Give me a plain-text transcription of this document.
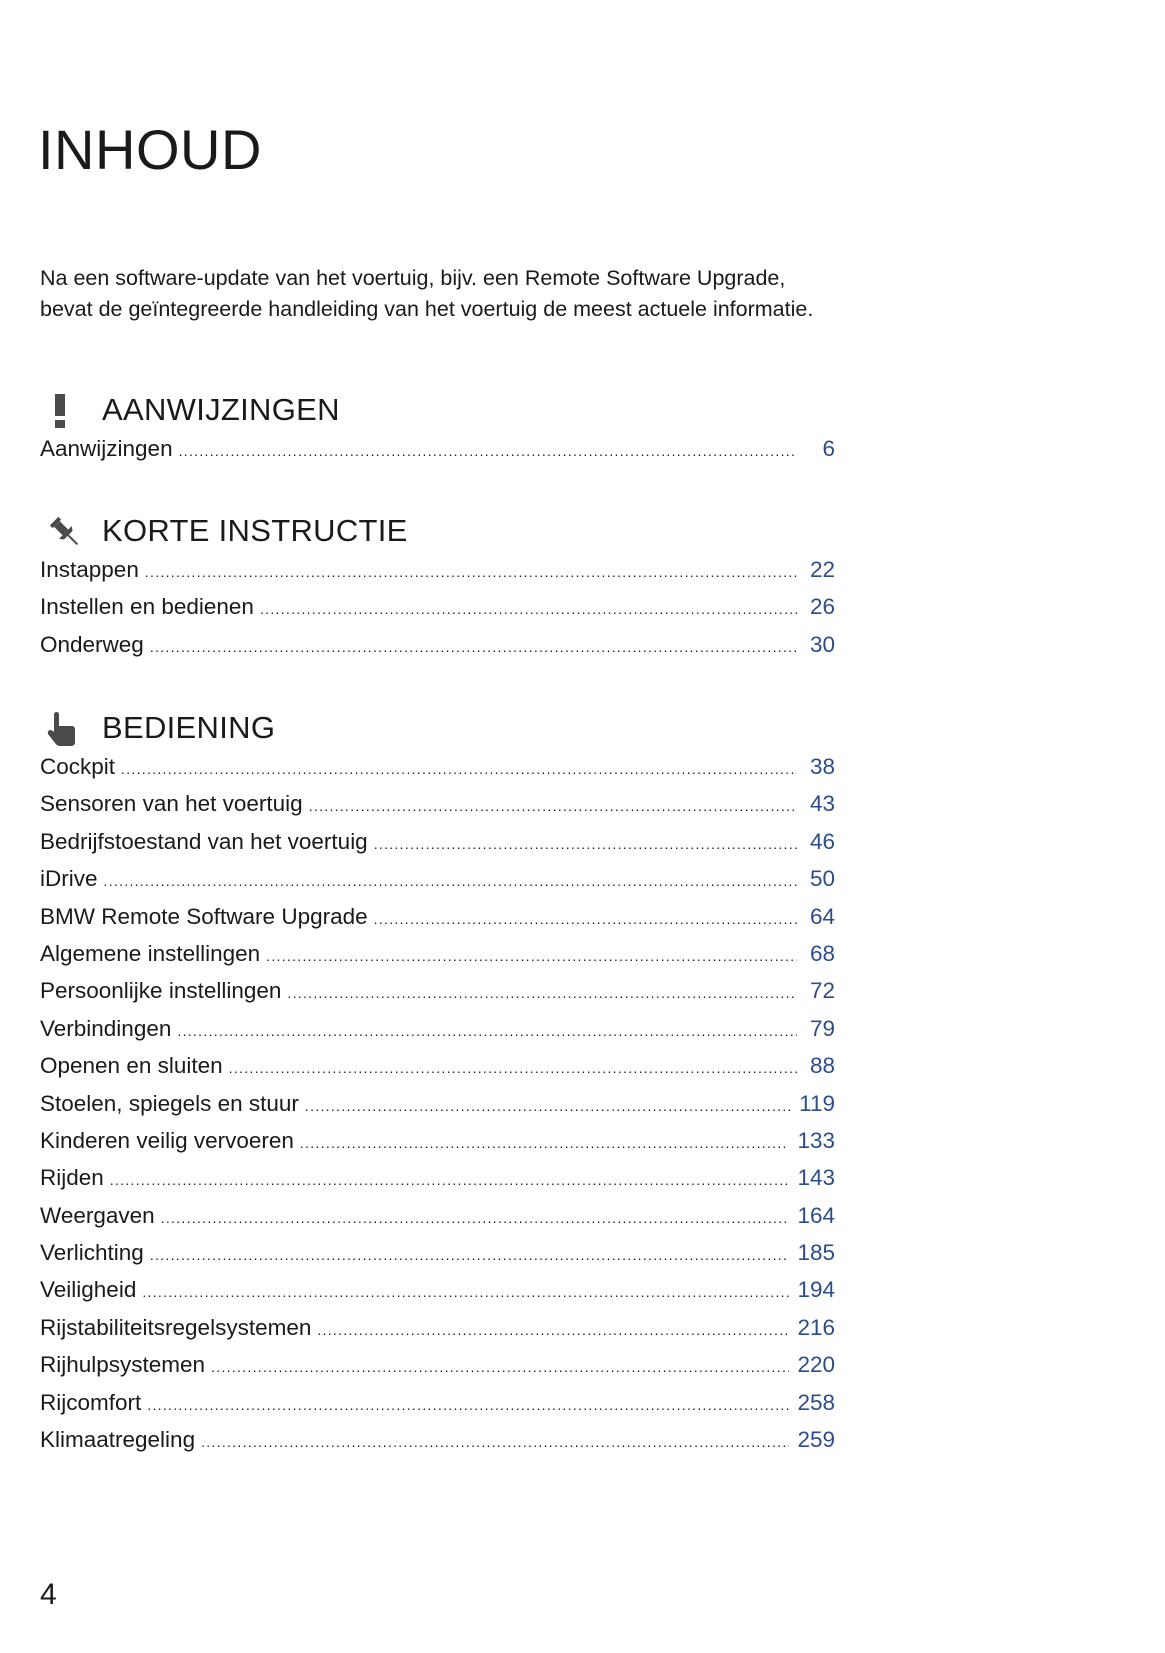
INHOUD

Na een software-update van het voertuig, bijv. een Remote Software Upgrade, bevat de geïntegreerde handleiding van het voertuig de meest actuele informatie.

AANWIJZINGEN
Aanwijzingen .....	6
KORTE INSTRUCTIE
Instappen .....	22
Instellen en bedienen .....	26
Onderweg .....	30
BEDIENING
Cockpit .....	38
Sensoren van het voertuig .....	43
Bedrijfstoestand van het voertuig .....	46
iDrive .....	50
BMW Remote Software Upgrade .....	64
Algemene instellingen .....	68
Persoonlijke instellingen .....	72
Verbindingen .....	79
Openen en sluiten .....	88
Stoelen, spiegels en stuur .....	119
Kinderen veilig vervoeren .....	133
Rijden .....	143
Weergaven .....	164
Verlichting .....	185
Veiligheid .....	194
Rijstabiliteitsregelsystemen .....	216
Rijhulpsystemen .....	220
Rijcomfort .....	258
Klimaatregeling .....	259
4
